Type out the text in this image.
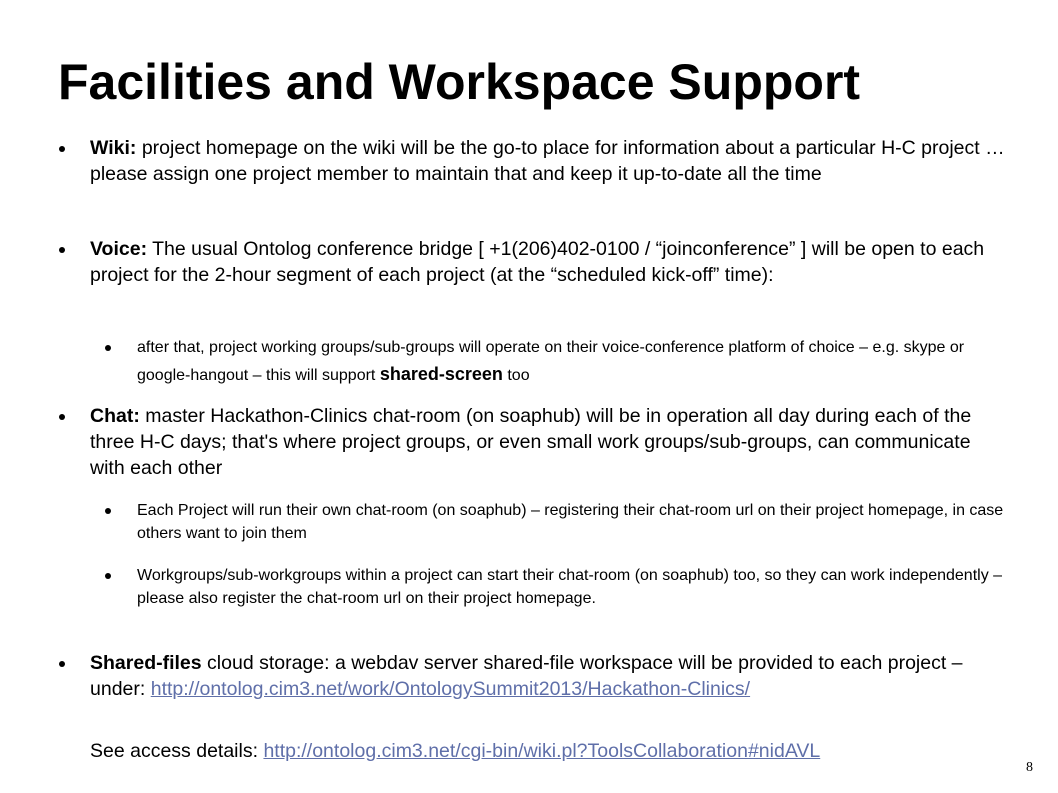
Facilities and Workspace Support
Wiki: project homepage on the wiki will be the go-to place for information about a particular H-C project … please assign one project member to maintain that and keep it up-to-date all the time
Voice: The usual Ontolog conference bridge [ +1(206)402-0100 / “joinconference” ] will be open to each project for the 2-hour segment of each project (at the “scheduled kick-off” time):
after that, project working groups/sub-groups will operate on their voice-conference platform of choice – e.g. skype or google-hangout – this will support shared-screen too
Chat: master Hackathon-Clinics chat-room (on soaphub) will be in operation all day during each of the three H-C days; that's where project groups, or even small work groups/sub-groups, can communicate with each other
Each Project will run their own chat-room (on soaphub) – registering their chat-room url on their project homepage, in case others want to join them
Workgroups/sub-workgroups within a project can start their chat-room (on soaphub) too, so they can work independently – please also register the chat-room url on their project homepage.
Shared-files cloud storage: a webdav server shared-file workspace will be provided to each project – under: http://ontolog.cim3.net/work/OntologySummit2013/Hackathon-Clinics/
See access details: http://ontolog.cim3.net/cgi-bin/wiki.pl?ToolsCollaboration#nidAVL
8
